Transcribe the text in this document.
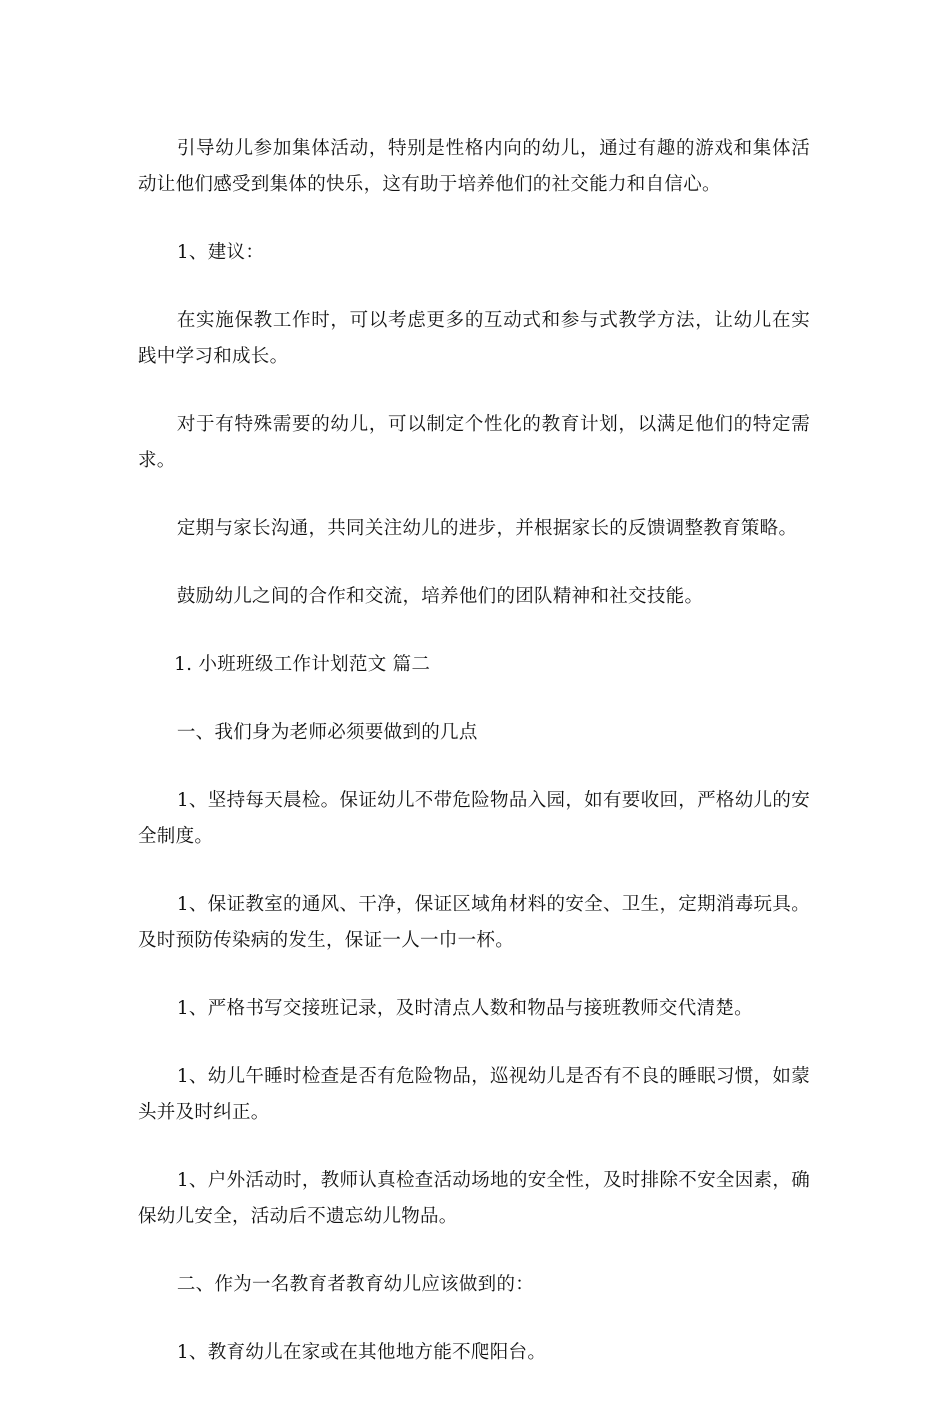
引导幼儿参加集体活动，特别是性格内向的幼儿，通过有趣的游戏和集体活动让他们感受到集体的快乐，这有助于培养他们的社交能力和自信心。

1、建议：

在实施保教工作时，可以考虑更多的互动式和参与式教学方法，让幼儿在实践中学习和成长。

对于有特殊需要的幼儿，可以制定个性化的教育计划，以满足他们的特定需求。

定期与家长沟通，共同关注幼儿的进步，并根据家长的反馈调整教育策略。

鼓励幼儿之间的合作和交流，培养他们的团队精神和社交技能。

1. 小班班级工作计划范文 篇二

一、我们身为老师必须要做到的几点

1、坚持每天晨检。保证幼儿不带危险物品入园，如有要收回，严格幼儿的安全制度。

1、保证教室的通风、干净，保证区域角材料的安全、卫生，定期消毒玩具。及时预防传染病的发生，保证一人一巾一杯。

1、严格书写交接班记录，及时清点人数和物品与接班教师交代清楚。

1、幼儿午睡时检查是否有危险物品，巡视幼儿是否有不良的睡眠习惯，如蒙头并及时纠正。

1、户外活动时，教师认真检查活动场地的安全性，及时排除不安全因素，确保幼儿安全，活动后不遗忘幼儿物品。

二、作为一名教育者教育幼儿应该做到的：

1、教育幼儿在家或在其他地方能不爬阳台。
